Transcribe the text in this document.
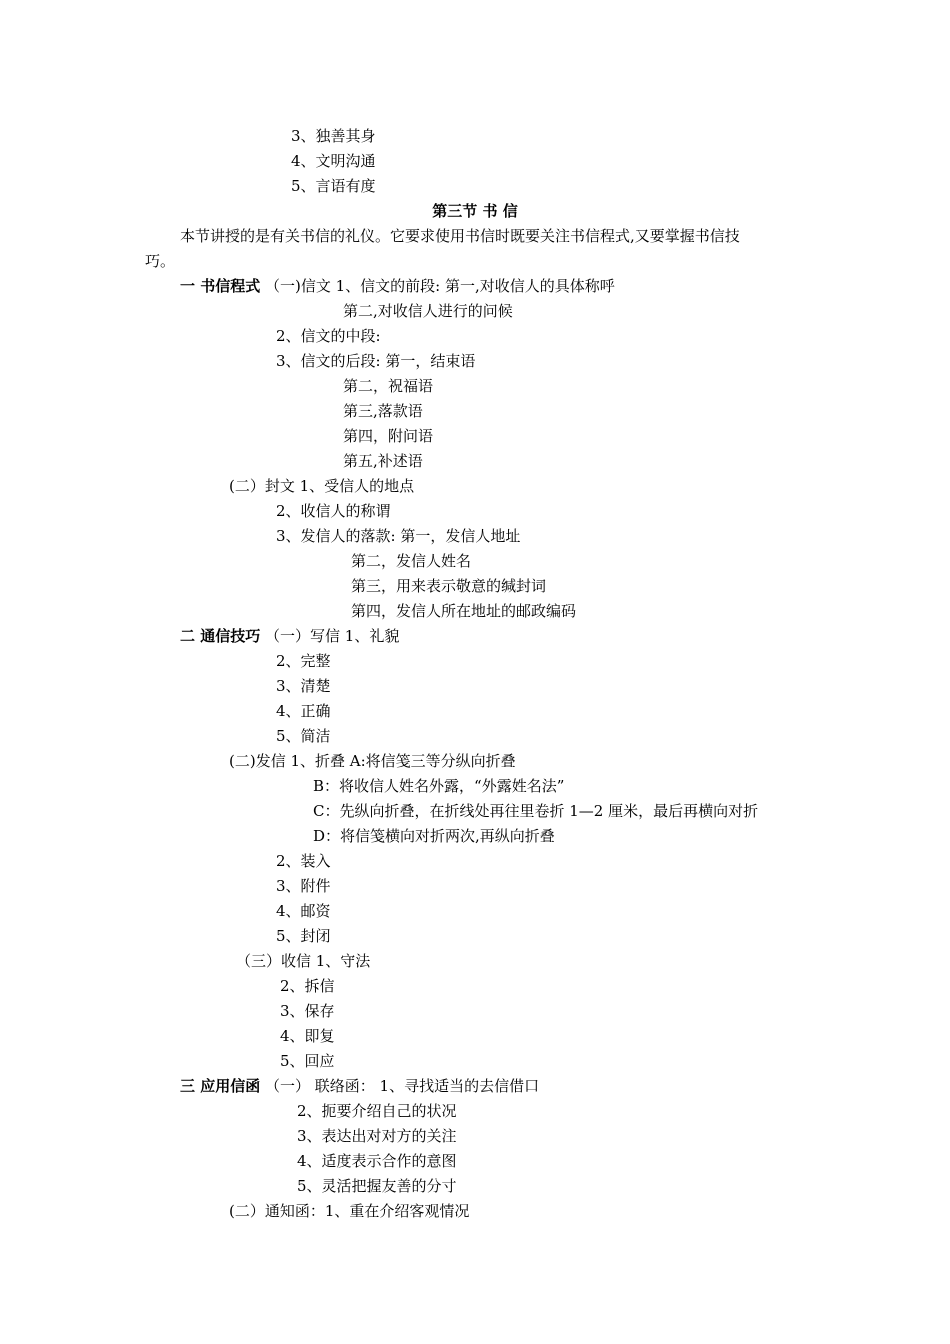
3、独善其身
4、文明沟通
5、言语有度
第三节 书 信
本节讲授的是有关书信的礼仪。它要求使用书信时既要关注书信程式,又要掌握书信技
巧。
一 书信程式 （一)信文 1、信文的前段: 第一,对收信人的具体称呼
第二,对收信人进行的问候
2、信文的中段:
3、信文的后段: 第一，结束语
第二，祝福语
第三,落款语
第四，附问语
第五,补述语
(二）封文 1、受信人的地点
2、收信人的称谓
3、发信人的落款: 第一，发信人地址
第二，发信人姓名
第三，用来表示敬意的缄封词
第四，发信人所在地址的邮政编码
二 通信技巧 （一）写信 1、礼貌
2、完整
3、清楚
4、正确
5、简洁
(二)发信 1、折叠 A:将信笺三等分纵向折叠
B：将收信人姓名外露，“外露姓名法”
C：先纵向折叠，在折线处再往里卷折 1—2 厘米，最后再横向对折
D：将信笺横向对折两次,再纵向折叠
2、装入
3、附件
4、邮资
5、封闭
（三）收信 1、守法
2、拆信
3、保存
4、即复
5、回应
三 应用信函 （一） 联络函： 1、寻找适当的去信借口
2、扼要介绍自己的状况
3、表达出对对方的关注
4、适度表示合作的意图
5、灵活把握友善的分寸
(二）通知函：1、重在介绍客观情况
